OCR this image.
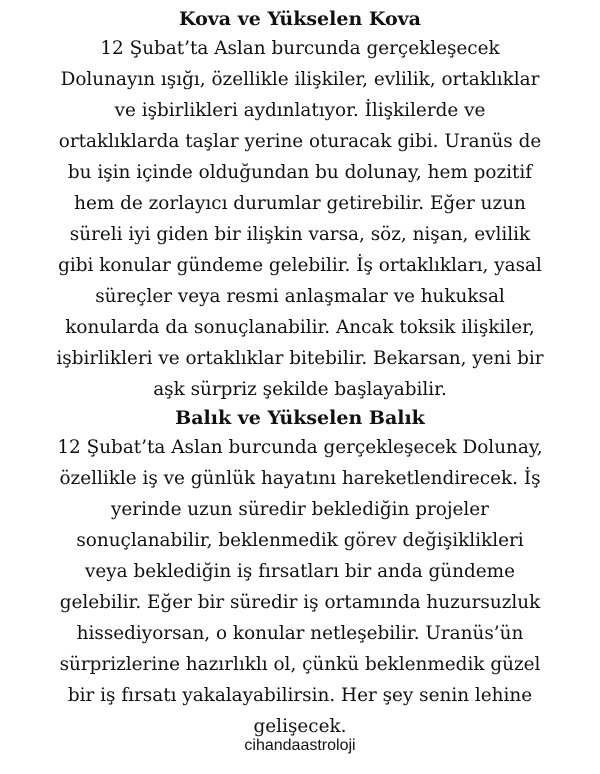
Kova ve Yükselen Kova

12 Şubat’ta Aslan burcunda gerçekleşecek
Dolunayın ışığı, özellikle ilişkiler, evlilik, ortaklıklar
ve işbirlikleri aydınlatıyor. İlişkilerde ve
ortaklıklarda taşlar yerine oturacak gibi. Uranüs de
bu işin içinde olduğundan bu dolunay, hem pozitif
hem de zorlayıcı durumlar getirebilir. Eğer uzun
süreli iyi giden bir ilişkin varsa, söz, nişan, evlilik
gibi konular gündeme gelebilir. İş ortaklıkları, yasal
süreçler veya resmi anlaşmalar ve hukuksal
konularda da sonuçlanabilir. Ancak toksik ilişkiler,
işbirlikleri ve ortaklıklar bitebilir. Bekarsan, yeni bir
aşk sürpriz şekilde başlayabilir.

Balık ve Yükselen Balık

12 Şubat’ta Aslan burcunda gerçekleşecek Dolunay,
özellikle iş ve günlük hayatını hareketlendirecek. İş
yerinde uzun süredir beklediğin projeler
sonuçlanabilir, beklenmedik görev değişiklikleri
veya beklediğin iş fırsatları bir anda gündeme
gelebilir. Eğer bir süredir iş ortamında huzursuzluk
hissediyorsan, o konular netleşebilir. Uranüs’ün
sürprizlerine hazırlıklı ol, çünkü beklenmedik güzel
bir iş fırsatı yakalayabilirsin. Her şey senin lehine
gelişecek.

cihandaastroloji
